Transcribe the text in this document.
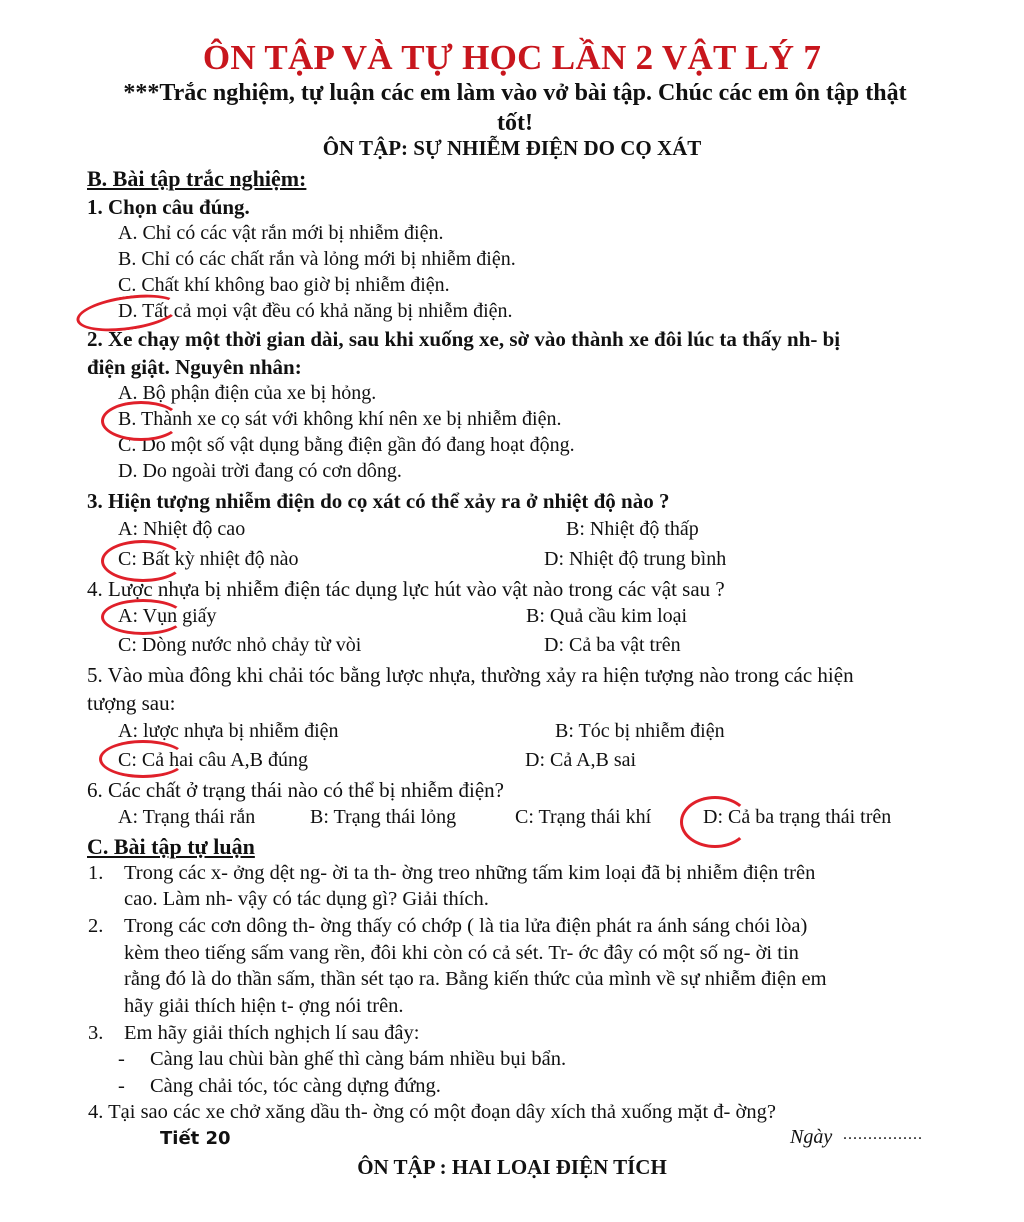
ÔN TẬP VÀ TỰ HỌC LẦN 2 VẬT LÝ 7
***Trắc nghiệm, tự luận các em làm vào vở bài tập. Chúc các em ôn tập thật
tốt!
ÔN TẬP: SỰ NHIỄM ĐIỆN DO CỌ XÁT
B. Bài tập trắc nghiệm:
1. Chọn câu đúng.
A. Chỉ có các vật rắn mới bị nhiễm điện.
B. Chỉ có các chất rắn và lỏng mới bị nhiễm điện.
C. Chất khí không bao giờ bị nhiễm điện.
D. Tất cả mọi vật đều có khả năng bị nhiễm điện.
2. Xe chạy một thời gian dài, sau khi xuống xe, sờ vào thành xe đôi lúc ta thấy nh- bị
điện giật. Nguyên nhân:
A. Bộ phận điện của xe bị hỏng.
B. Thành xe cọ sát với không khí nên xe bị nhiễm điện.
C. Do một số vật dụng bằng điện gần đó đang hoạt động.
D. Do ngoài trời đang có cơn dông.
3. Hiện tượng nhiễm điện do cọ xát có thể xảy ra ở nhiệt độ nào ?
A: Nhiệt độ cao	B: Nhiệt độ thấp
C: Bất kỳ nhiệt độ nào	D: Nhiệt độ trung bình
4. Lược nhựa bị nhiễm điện tác dụng lực hút vào vật nào trong các vật sau ?
A: Vụn giấy	B: Quả cầu kim loại
C: Dòng nước nhỏ chảy từ vòi	D: Cả ba vật trên
5. Vào mùa đông khi chải tóc bằng lược nhựa, thường xảy ra hiện tượng nào trong các hiện
tượng sau:
A: lược nhựa bị nhiễm điện	B: Tóc bị nhiễm điện
C: Cả hai câu A,B đúng	D: Cả A,B sai
6. Các chất ở trạng thái nào có thể bị nhiễm điện?
A: Trạng thái rắn	B: Trạng thái lỏng	C: Trạng thái khí	D: Cả ba trạng thái trên
C. Bài tập tự luận
1. Trong các x- ởng dệt ng- ời ta th- ờng treo những tấm kim loại đã bị nhiễm điện trên
cao. Làm nh- vậy có tác dụng gì? Giải thích.
2. Trong các cơn dông th- ờng thấy có chớp ( là tia lửa điện phát ra ánh sáng chói lòa)
kèm theo tiếng sấm vang rền, đôi khi còn có cả sét. Tr- ớc đây có một số ng- ời tin
rằng đó là do thần sấm, thần sét tạo ra. Bằng kiến thức của mình về sự nhiễm điện em
hãy giải thích hiện t- ợng nói trên.
3. Em hãy giải thích nghịch lí sau đây:
- Càng lau chùi bàn ghế thì càng bám nhiều bụi bẩn.
- Càng chải tóc, tóc càng dựng đứng.
4. Tại sao các xe chở xăng dầu th- ờng có một đoạn dây xích thả xuống mặt đ- ờng?
Tiết 20	Ngày ................
ÔN TẬP : HAI LOẠI ĐIỆN TÍCH
